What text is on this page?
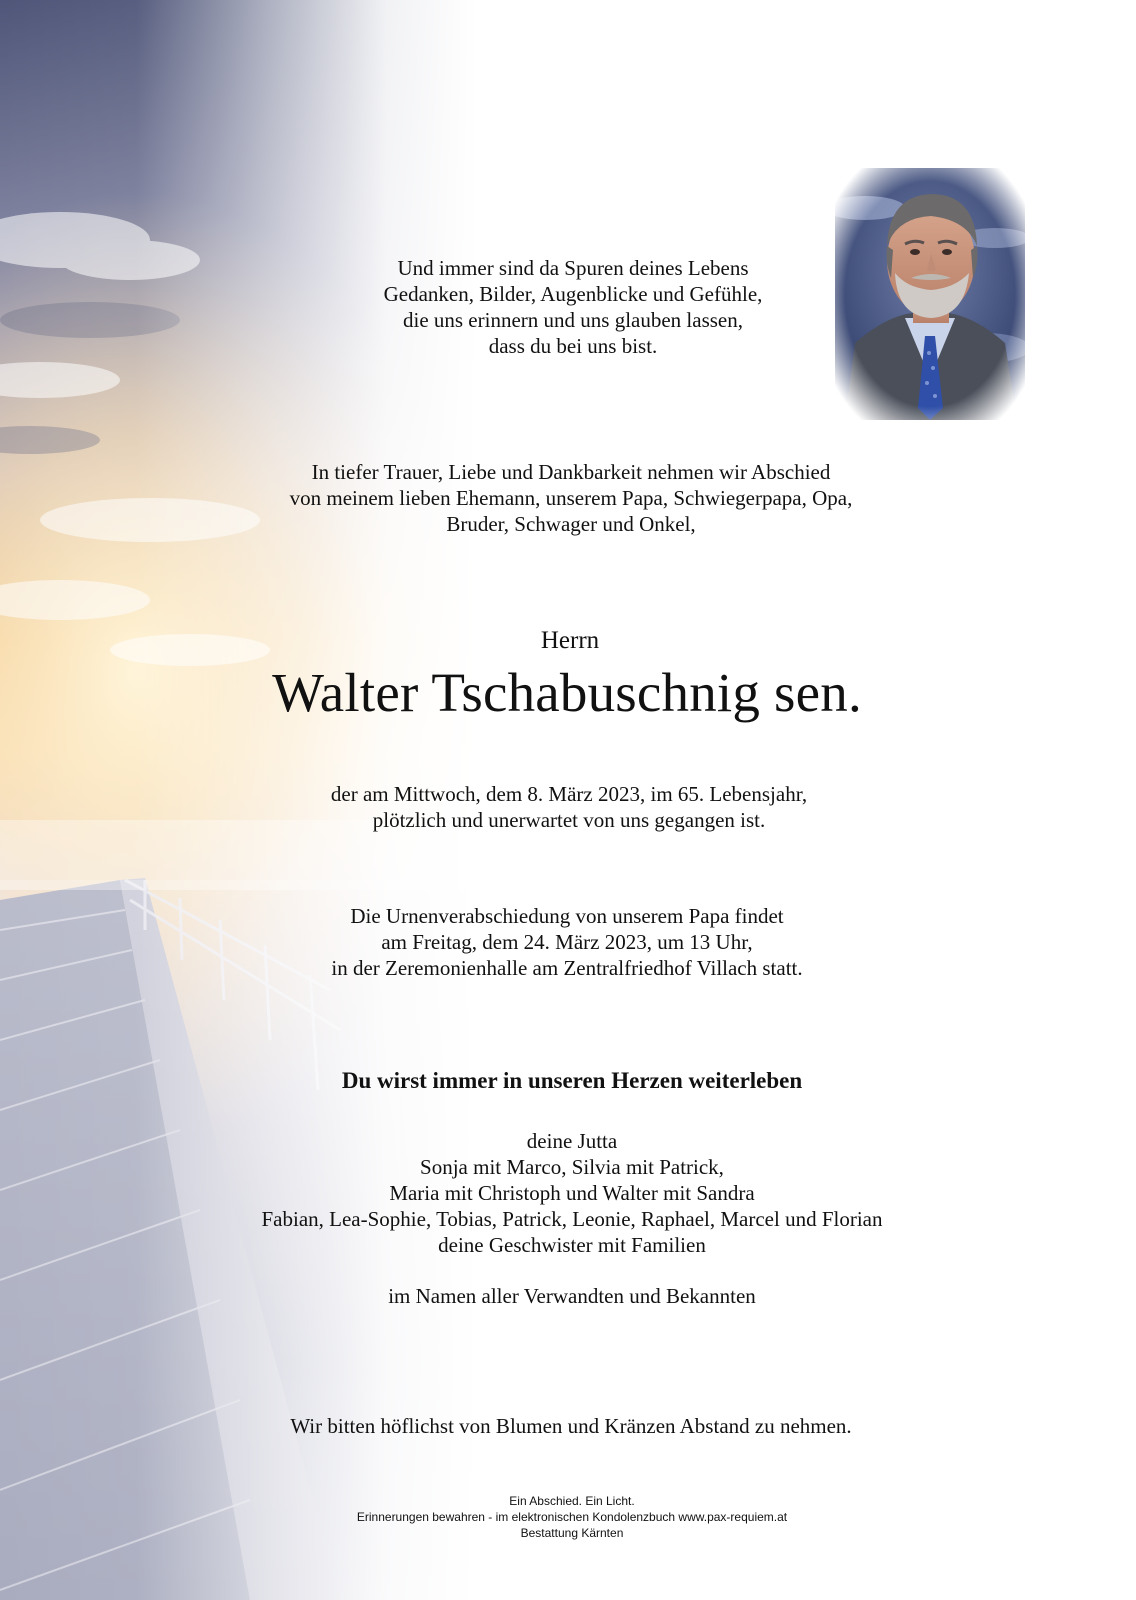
Und immer sind da Spuren deines Lebens
Gedanken, Bilder, Augenblicke und Gefühle,
die uns erinnern und uns glauben lassen,
dass du bei uns bist.
In tiefer Trauer, Liebe und Dankbarkeit nehmen wir Abschied
von meinem lieben Ehemann, unserem Papa, Schwiegerpapa, Opa,
Bruder, Schwager und Onkel,
Herrn
Walter Tschabuschnig sen.
der am Mittwoch, dem 8. März 2023, im 65. Lebensjahr,
plötzlich und unerwartet von uns gegangen ist.
Die Urnenverabschiedung von unserem Papa findet
am Freitag, dem 24. März 2023, um 13 Uhr,
in der Zeremonienhalle am Zentralfriedhof Villach statt.
Du wirst immer in unseren Herzen weiterleben
deine Jutta
Sonja mit Marco, Silvia mit Patrick,
Maria mit Christoph und Walter mit Sandra
Fabian, Lea-Sophie, Tobias, Patrick, Leonie, Raphael, Marcel und Florian
deine Geschwister mit Familien
im Namen aller Verwandten und Bekannten
Wir bitten höflichst von Blumen und Kränzen Abstand zu nehmen.
Ein Abschied. Ein Licht.
Erinnerungen bewahren - im elektronischen Kondolenzbuch www.pax-requiem.at
Bestattung Kärnten
